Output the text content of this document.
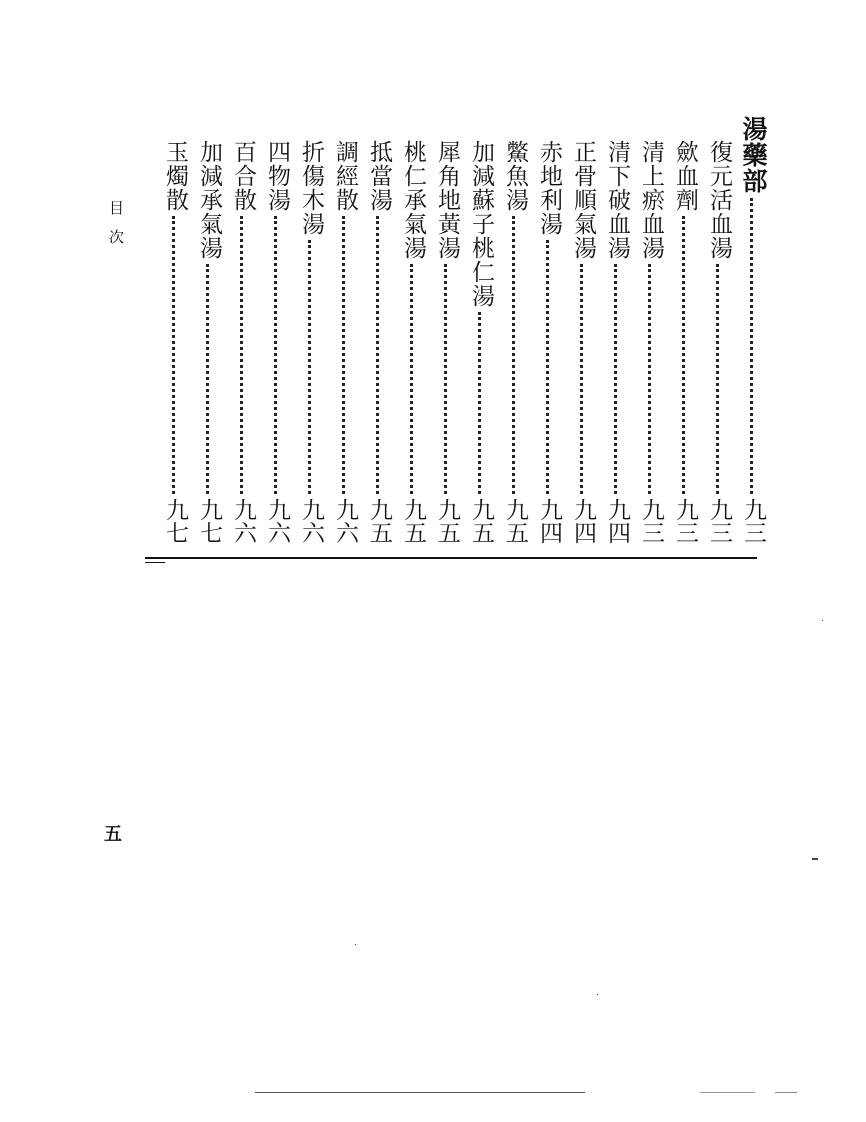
湯藥部
九三
復元活血湯
九三
歛血劑
九三
清上瘀血湯
九三
清下破血湯
九四
正骨順氣湯
九四
赤地利湯
九四
鱉魚湯
九五
加減蘇子桃仁湯
九五
犀角地黃湯
九五
桃仁承氣湯
九五
抵當湯
九五
調經散
九六
折傷木湯
九六
四物湯
九六
百合散
九六
加減承氣湯
九七
玉燭散
九七
目次
五
